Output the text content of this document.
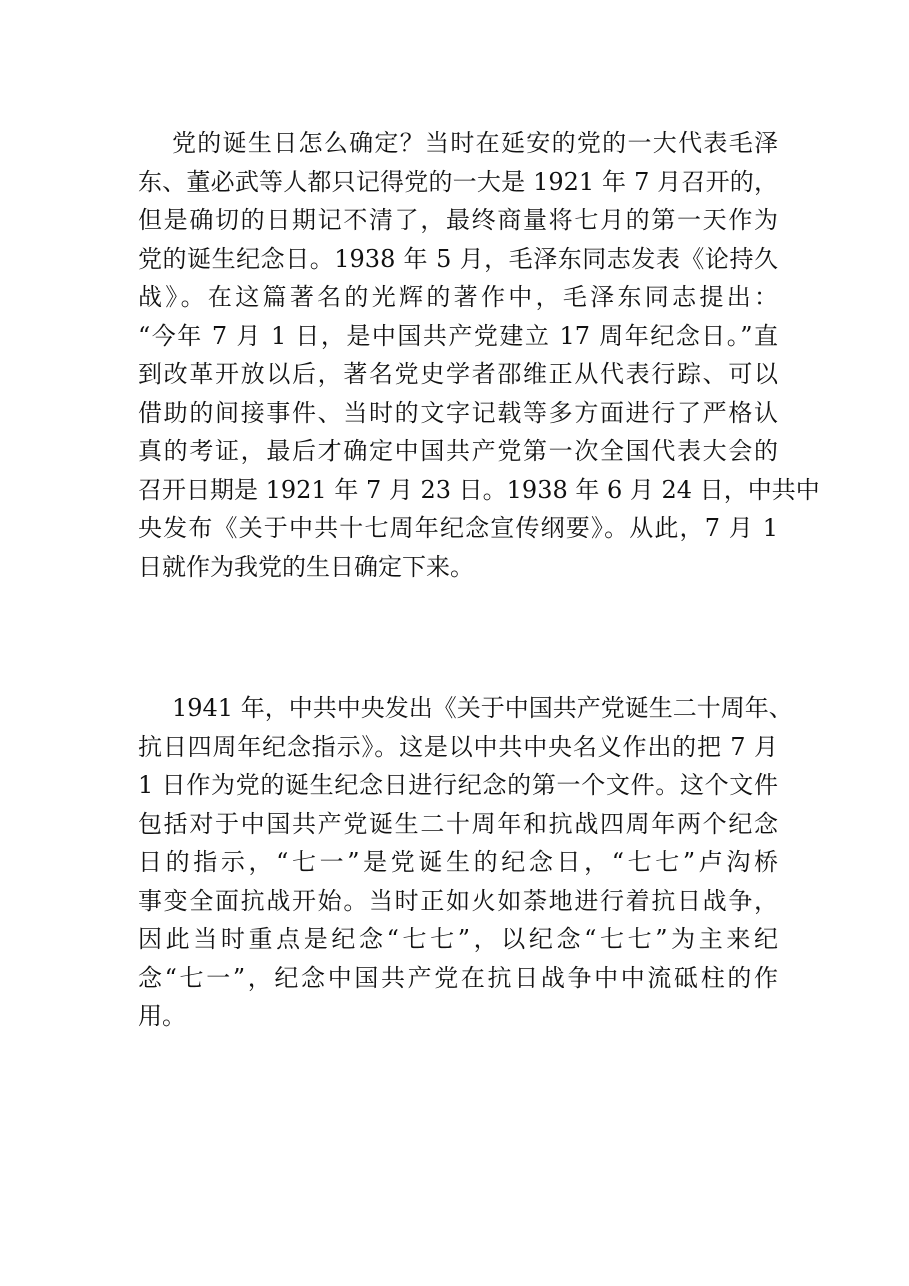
党的诞生日怎么确定？当时在延安的党的一大代表毛泽
东、董必武等人都只记得党的一大是 1921 年 7 月召开的，
但是确切的日期记不清了，最终商量将七月的第一天作为
党的诞生纪念日。1938 年 5 月，毛泽东同志发表《论持久
战》。在这篇著名的光辉的著作中，毛泽东同志提出：
“今年 7 月 1 日，是中国共产党建立 17 周年纪念日。”直
到改革开放以后，著名党史学者邵维正从代表行踪、可以
借助的间接事件、当时的文字记载等多方面进行了严格认
真的考证，最后才确定中国共产党第一次全国代表大会的
召开日期是 1921 年 7 月 23 日。1938 年 6 月 24 日，中共中
央发布《关于中共十七周年纪念宣传纲要》。从此，7 月 1
日就作为我党的生日确定下来。
1941 年，中共中央发出《关于中国共产党诞生二十周年、
抗日四周年纪念指示》。这是以中共中央名义作出的把 7 月
1 日作为党的诞生纪念日进行纪念的第一个文件。这个文件
包括对于中国共产党诞生二十周年和抗战四周年两个纪念
日的指示，“七一”是党诞生的纪念日，“七七”卢沟桥
事变全面抗战开始。当时正如火如荼地进行着抗日战争，
因此当时重点是纪念“七七”，以纪念“七七”为主来纪
念“七一”，纪念中国共产党在抗日战争中中流砥柱的作
用。
